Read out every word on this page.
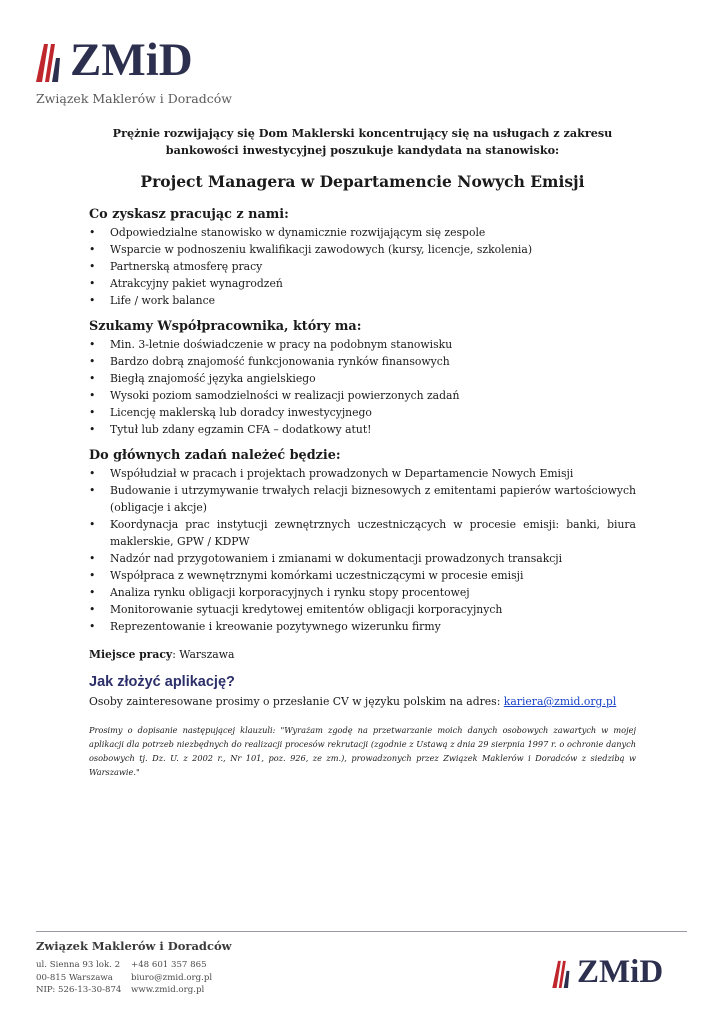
ZMiD
Związek Maklerów i Doradców
Prężnie rozwijający się Dom Maklerski koncentrujący się na usługach z zakresu bankowości inwestycyjnej poszukuje kandydata na stanowisko:
Project Managera w Departamencie Nowych Emisji
Co zyskasz pracując z nami:
• Odpowiedzialne stanowisko w dynamicznie rozwijającym się zespole
• Wsparcie w podnoszeniu kwalifikacji zawodowych (kursy, licencje, szkolenia)
• Partnerską atmosferę pracy
• Atrakcyjny pakiet wynagrodzeń
• Life / work balance
Szukamy Współpracownika, który ma:
• Min. 3-letnie doświadczenie w pracy na podobnym stanowisku
• Bardzo dobrą znajomość funkcjonowania rynków finansowych
• Biegłą znajomość języka angielskiego
• Wysoki poziom samodzielności w realizacji powierzonych zadań
• Licencję maklerską lub doradcy inwestycyjnego
• Tytuł lub zdany egzamin CFA – dodatkowy atut!
Do głównych zadań należeć będzie:
• Współudział w pracach i projektach prowadzonych w Departamencie Nowych Emisji
• Budowanie i utrzymywanie trwałych relacji biznesowych z emitentami papierów wartościowych (obligacje i akcje)
• Koordynacja prac instytucji zewnętrznych uczestniczących w procesie emisji: banki, biura maklerskie, GPW / KDPW
• Nadzór nad przygotowaniem i zmianami w dokumentacji prowadzonych transakcji
• Współpraca z wewnętrznymi komórkami uczestniczącymi w procesie emisji
• Analiza rynku obligacji korporacyjnych i rynku stopy procentowej
• Monitorowanie sytuacji kredytowej emitentów obligacji korporacyjnych
• Reprezentowanie i kreowanie pozytywnego wizerunku firmy
Miejsce pracy: Warszawa
Jak złożyć aplikację?
Osoby zainteresowane prosimy o przesłanie CV w języku polskim na adres: kariera@zmid.org.pl
Prosimy o dopisanie następującej klauzuli: "Wyrażam zgodę na przetwarzanie moich danych osobowych zawartych w mojej aplikacji dla potrzeb niezbędnych do realizacji procesów rekrutacji (zgodnie z Ustawą z dnia 29 sierpnia 1997 r. o ochronie danych osobowych tj. Dz. U. z 2002 r., Nr 101, poz. 926, ze zm.), prowadzonych przez Związek Maklerów i Doradców z siedzibą w Warszawie."
Związek Maklerów i Doradców
ul. Sienna 93 lok. 2
00-815 Warszawa
NIP: 526-13-30-874
+48 601 357 865
biuro@zmid.org.pl
www.zmid.org.pl	ZMiD
